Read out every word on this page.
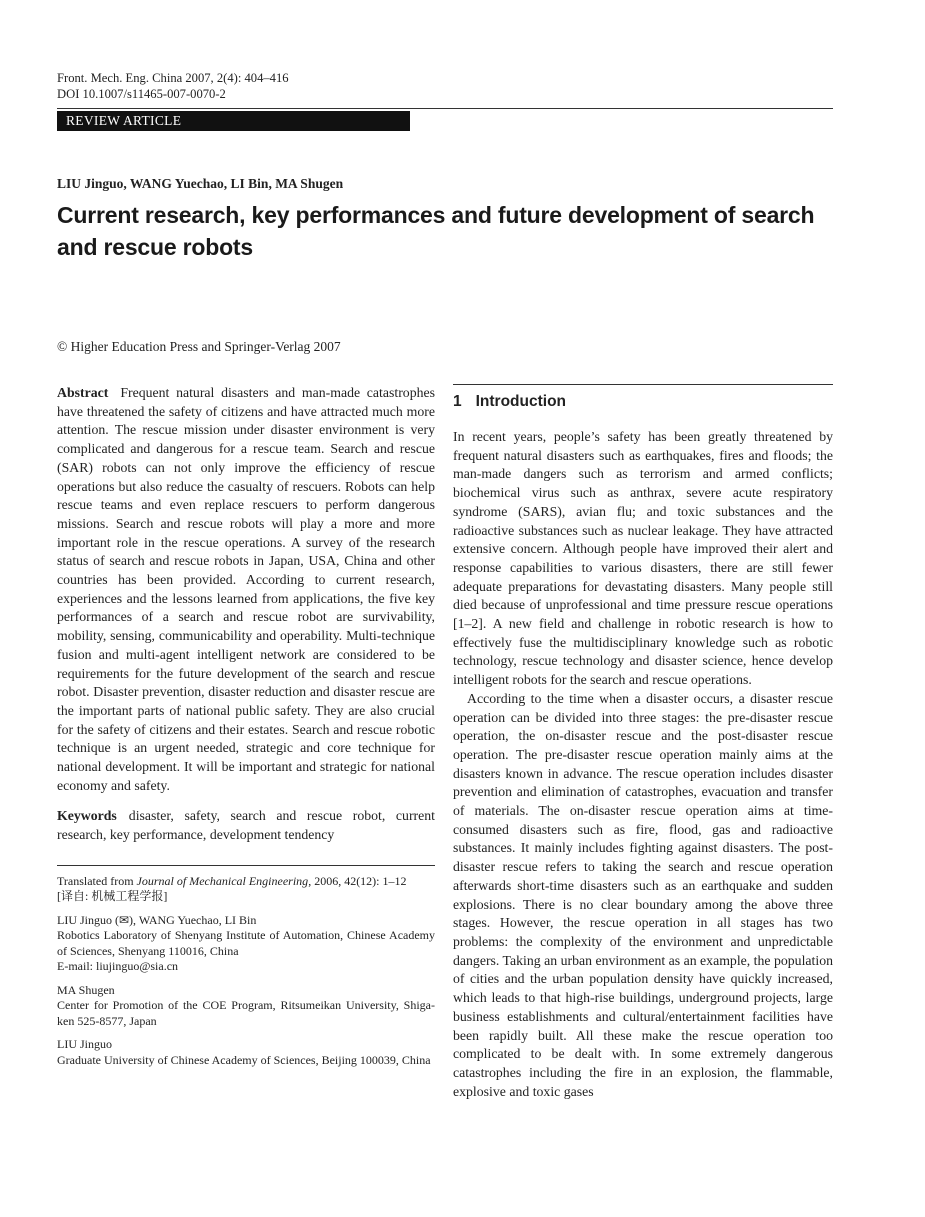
Front. Mech. Eng. China 2007, 2(4): 404–416
DOI 10.1007/s11465-007-0070-2
REVIEW ARTICLE
LIU Jinguo, WANG Yuechao, LI Bin, MA Shugen
Current research, key performances and future development of search and rescue robots
© Higher Education Press and Springer-Verlag 2007

Abstract Frequent natural disasters and man-made catastrophes have threatened the safety of citizens and have attracted much more attention. The rescue mission under disaster environment is very complicated and dangerous for a rescue team. Search and rescue (SAR) robots can not only improve the efficiency of rescue operations but also reduce the casualty of rescuers. Robots can help rescue teams and even replace rescuers to perform dangerous missions. Search and rescue robots will play a more and more important role in the rescue operations. A survey of the research status of search and rescue robots in Japan, USA, China and other countries has been provided. According to current research, experiences and the lessons learned from applications, the five key performances of a search and rescue robot are survivability, mobility, sensing, communicability and operability. Multi-technique fusion and multi-agent intelligent network are considered to be requirements for the future development of the search and rescue robot. Disaster prevention, disaster reduction and disaster rescue are the important parts of national public safety. They are also crucial for the safety of citizens and their estates. Search and rescue robotic technique is an urgent needed, strategic and core technique for national development. It will be important and strategic for national economy and safety.

Keywords disaster, safety, search and rescue robot, current research, key performance, development tendency

Translated from Journal of Mechanical Engineering, 2006, 42(12): 1–12
[译自: 机械工程学报]

LIU Jinguo (✉), WANG Yuechao, LI Bin
Robotics Laboratory of Shenyang Institute of Automation, Chinese Academy of Sciences, Shenyang 110016, China
E-mail: liujinguo@sia.cn

MA Shugen
Center for Promotion of the COE Program, Ritsumeikan University, Shiga-ken 525-8577, Japan

LIU Jinguo
Graduate University of Chinese Academy of Sciences, Beijing 100039, China

1 Introduction

In recent years, people’s safety has been greatly threatened by frequent natural disasters such as earthquakes, fires and floods; the man-made dangers such as terrorism and armed conflicts; biochemical virus such as anthrax, severe acute respiratory syndrome (SARS), avian flu; and toxic substances and the radioactive substances such as nuclear leakage. They have attracted extensive concern. Although people have improved their alert and response capabilities to various disasters, there are still fewer adequate preparations for devastating disasters. Many people still died because of unprofessional and time pressure rescue operations [1–2]. A new field and challenge in robotic research is how to effectively fuse the multidisciplinary knowledge such as robotic technology, rescue technology and disaster science, hence develop intelligent robots for the search and rescue operations.

According to the time when a disaster occurs, a disaster rescue operation can be divided into three stages: the pre-disaster rescue operation, the on-disaster rescue and the post-disaster rescue operation. The pre-disaster rescue operation mainly aims at the disasters known in advance. The rescue operation includes disaster prevention and elimination of catastrophes, evacuation and transfer of materials. The on-disaster rescue operation aims at time-consumed disasters such as fire, flood, gas and radioactive substances. It mainly includes fighting against disasters. The post-disaster rescue refers to taking the search and rescue operation afterwards short-time disasters such as an earthquake and sudden explosions. There is no clear boundary among the above three stages. However, the rescue operation in all stages has two problems: the complexity of the environment and unpredictable dangers. Taking an urban environment as an example, the population of cities and the urban population density have quickly increased, which leads to that high-rise buildings, underground projects, large business establishments and cultural/entertainment facilities have been rapidly built. All these make the rescue operation too complicated to be dealt with. In some extremely dangerous catastrophes including the fire in an explosion, the flammable, explosive and toxic gases
